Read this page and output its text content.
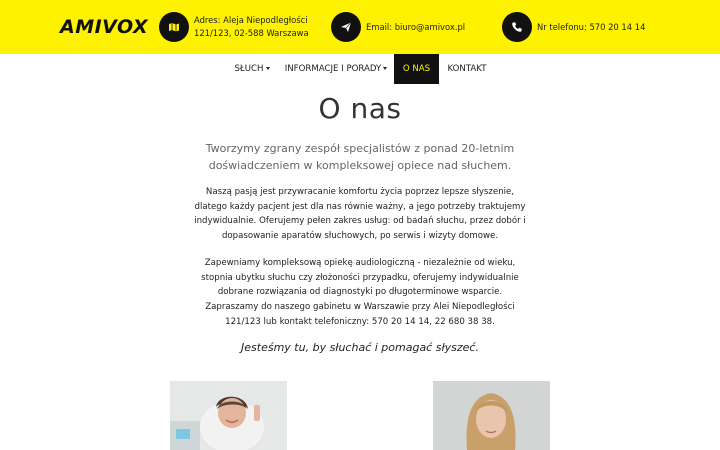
AMIVOX	Adres: Aleja Niepodległości
121/123, 02-588 Warszawa
Email: biuro@amivox.pl	Nr telefonu: 570 20 14 14
SŁUCH	INFORMACJE I PORADY	O NAS	KONTAKT
O nas

Tworzymy zgrany zespół specjalistów z ponad 20-letnim doświadczeniem w kompleksowej opiece nad słuchem.

Naszą pasją jest przywracanie komfortu życia poprzez lepsze słyszenie, dlatego każdy pacjent jest dla nas równie ważny, a jego potrzeby traktujemy indywidualnie. Oferujemy pełen zakres usług: od badań słuchu, przez dobór i dopasowanie aparatów słuchowych, po serwis i wizyty domowe.

Zapewniamy kompleksową opiekę audiologiczną - niezależnie od wieku, stopnia ubytku słuchu czy złożoności przypadku, oferujemy indywidualnie dobrane rozwiązania od diagnostyki po długoterminowe wsparcie. Zapraszamy do naszego gabinetu w Warszawie przy Alei Niepodległości 121/123 lub kontakt telefoniczny: 570 20 14 14, 22 680 38 38.

Jesteśmy tu, by słuchać i pomagać słyszeć.
